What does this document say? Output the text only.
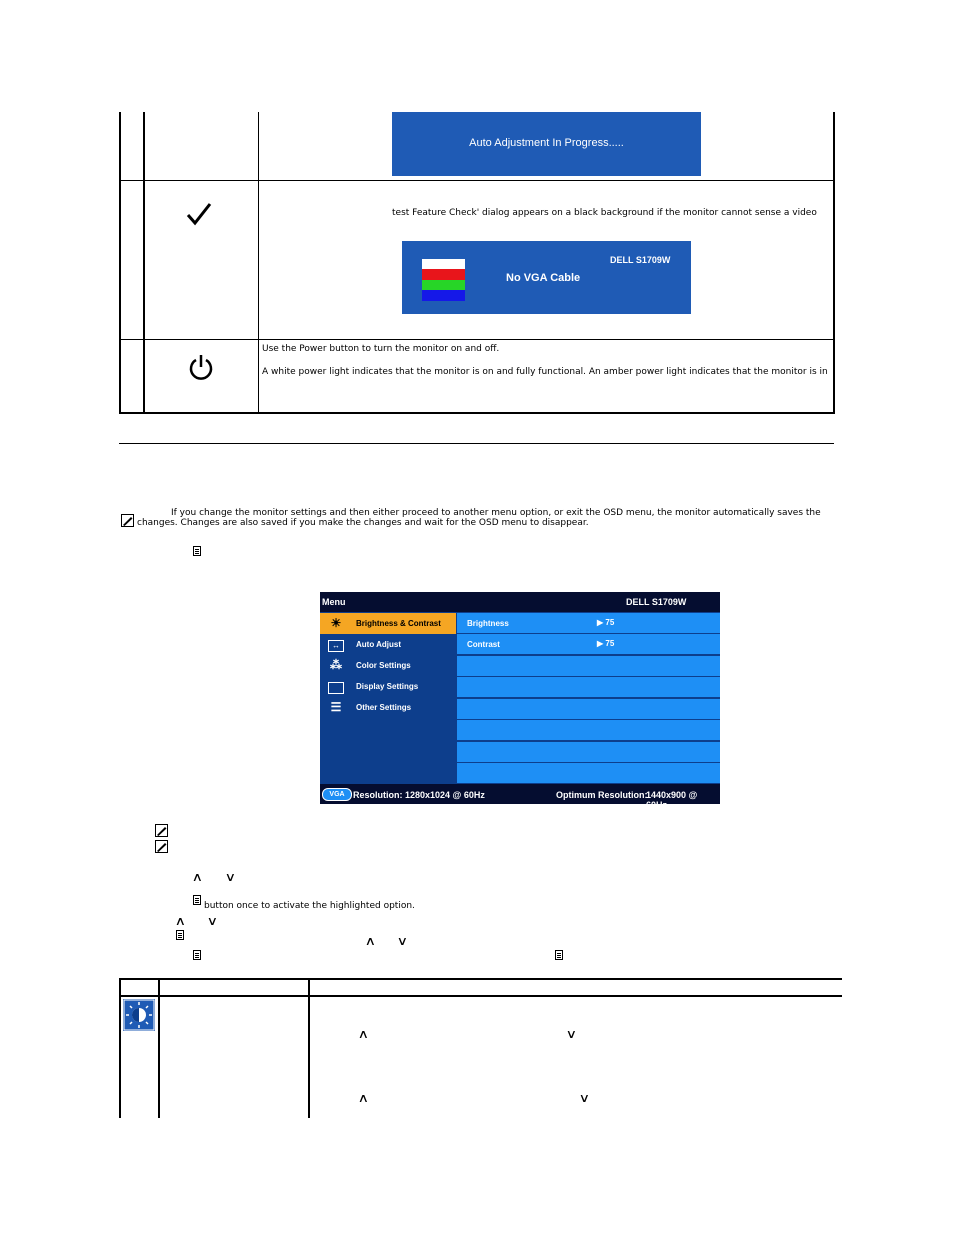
Auto Adjustment In Progress.....
test Feature Check' dialog appears on a black background if the monitor cannot sense a video
DELL S1709W
No VGA Cable
Use the Power button to turn the monitor on and off.
A white power light indicates that the monitor is on and fully functional. An amber power light indicates that the monitor is in
If you change the monitor settings and then either proceed to another menu option, or exit the OSD menu, the monitor automatically saves the
changes. Changes are also saved if you make the changes and wait for the OSD menu to disappear.
Menu	DELL S1709W
☀	Brightness & Contrast
↔	Auto Adjust
⁂ Color Settings
Display Settings
☰	Other Settings
Brightness	▶ 75
Contrast	▶ 75
VGA Resolution: 1280x1024 @ 60Hz	Optimum Resolution:
1440x900 @ 60Hz
∧ ∨
button once to activate the highlighted option.
∧ ∨
∧ ∨
∧	∨
∧	∨
